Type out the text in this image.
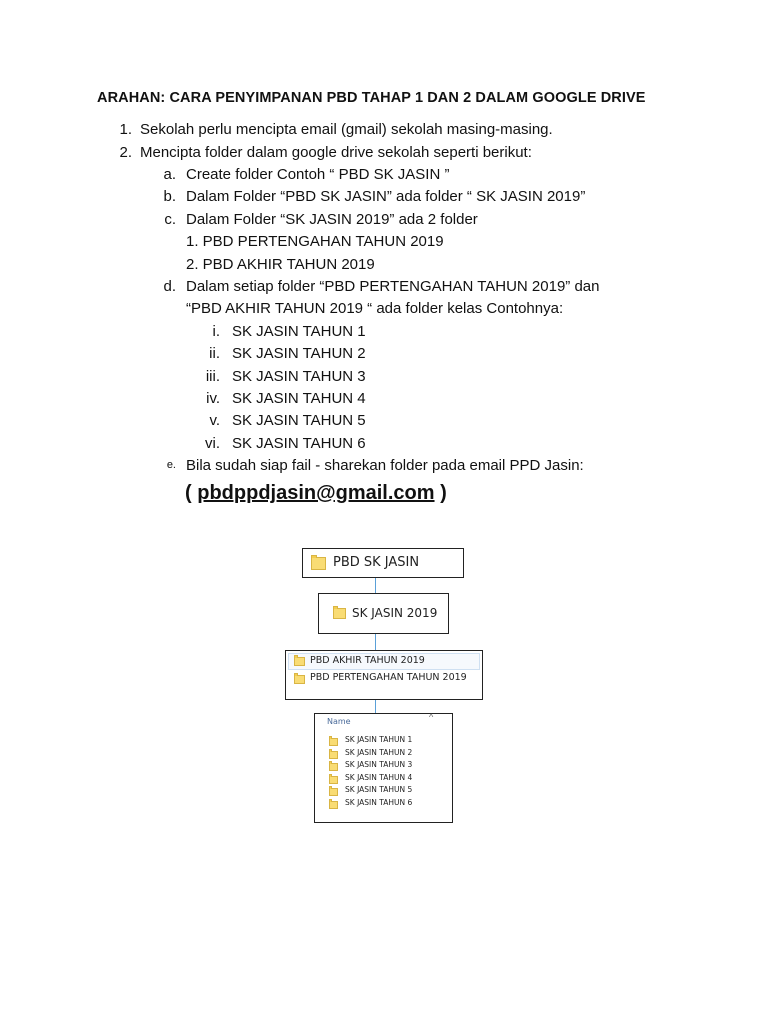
ARAHAN: CARA PENYIMPANAN PBD TAHAP 1 DAN 2 DALAM GOOGLE DRIVE
1. Sekolah perlu mencipta email (gmail) sekolah masing-masing.
2. Mencipta folder dalam google drive sekolah seperti berikut:
a. Create folder Contoh “ PBD SK JASIN ”
b. Dalam Folder “PBD SK JASIN” ada folder “ SK JASIN 2019”
c. Dalam Folder “SK JASIN 2019” ada 2 folder
1. PBD PERTENGAHAN TAHUN 2019
2. PBD AKHIR TAHUN 2019
d. Dalam setiap folder “PBD PERTENGAHAN TAHUN 2019” dan
“PBD AKHIR TAHUN 2019 “ ada folder kelas Contohnya:
i. SK JASIN TAHUN 1
ii. SK JASIN TAHUN 2
iii. SK JASIN TAHUN 3
iv. SK JASIN TAHUN 4
v. SK JASIN TAHUN 5
vi. SK JASIN TAHUN 6
e. Bila sudah siap fail - sharekan folder pada email PPD Jasin:
( pbdppdjasin@gmail.com )
PBD SK JASIN
SK JASIN 2019
PBD AKHIR TAHUN 2019
PBD PERTENGAHAN TAHUN 2019
Name	^
SK JASIN TAHUN 1
SK JASIN TAHUN 2
SK JASIN TAHUN 3
SK JASIN TAHUN 4
SK JASIN TAHUN 5
SK JASIN TAHUN 6
